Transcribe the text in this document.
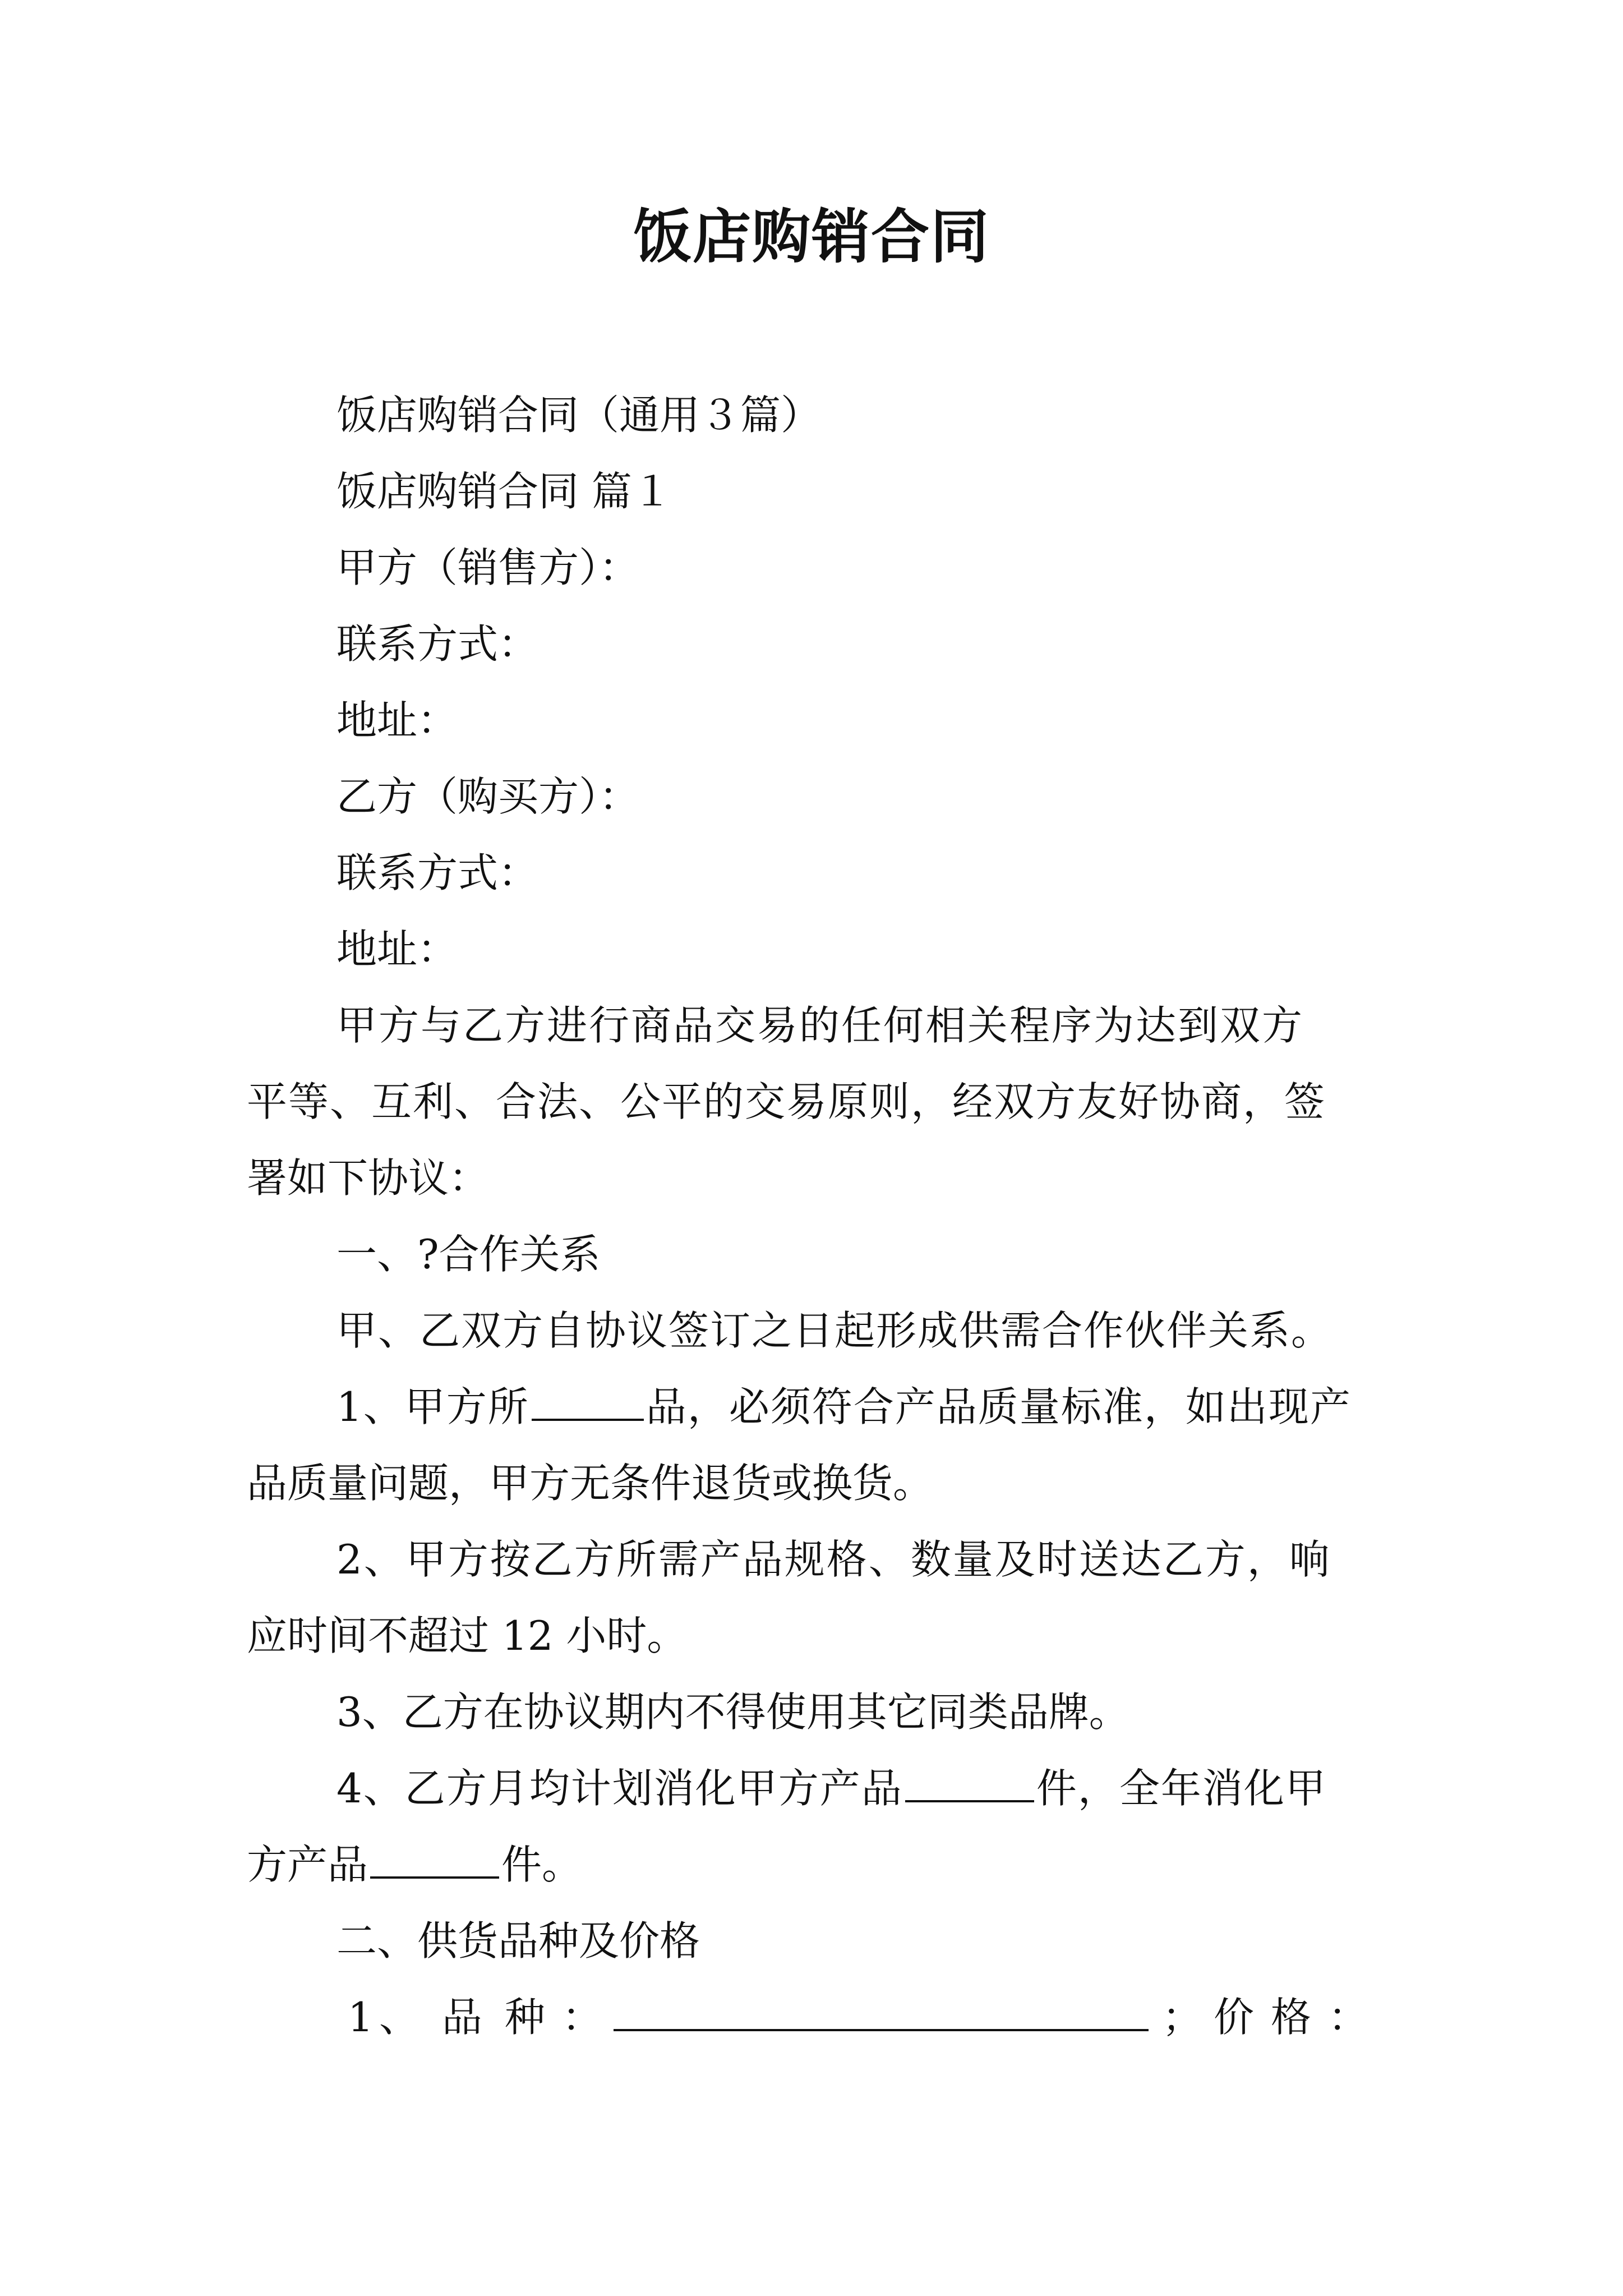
饭店购销合同
饭店购销合同（通用３篇）
饭店购销合同 篇１
甲方（销售方）：
联系方式：
地址：
乙方（购买方）：
联系方式：
地址：
甲方与乙方进行商品交易的任何相关程序为达到双方
平等、互利、合法、公平的交易原则，经双方友好协商，签
署如下协议：
一、?合作关系
甲、乙双方自协议签订之日起形成供需合作伙伴关系。
1、甲方所	品，必须符合产品质量标准，如出现产
品质量问题，甲方无条件退货或换货。
2、甲方按乙方所需产品规格、数量及时送达乙方，响
应时间不超过 12 小时。
3、乙方在协议期内不得使用其它同类品牌。
4、乙方月均计划消化甲方产品	件，全年消化甲
方产品	件。
二、供货品种及价格
1 、 品 种 ：	； 价 格 ：
